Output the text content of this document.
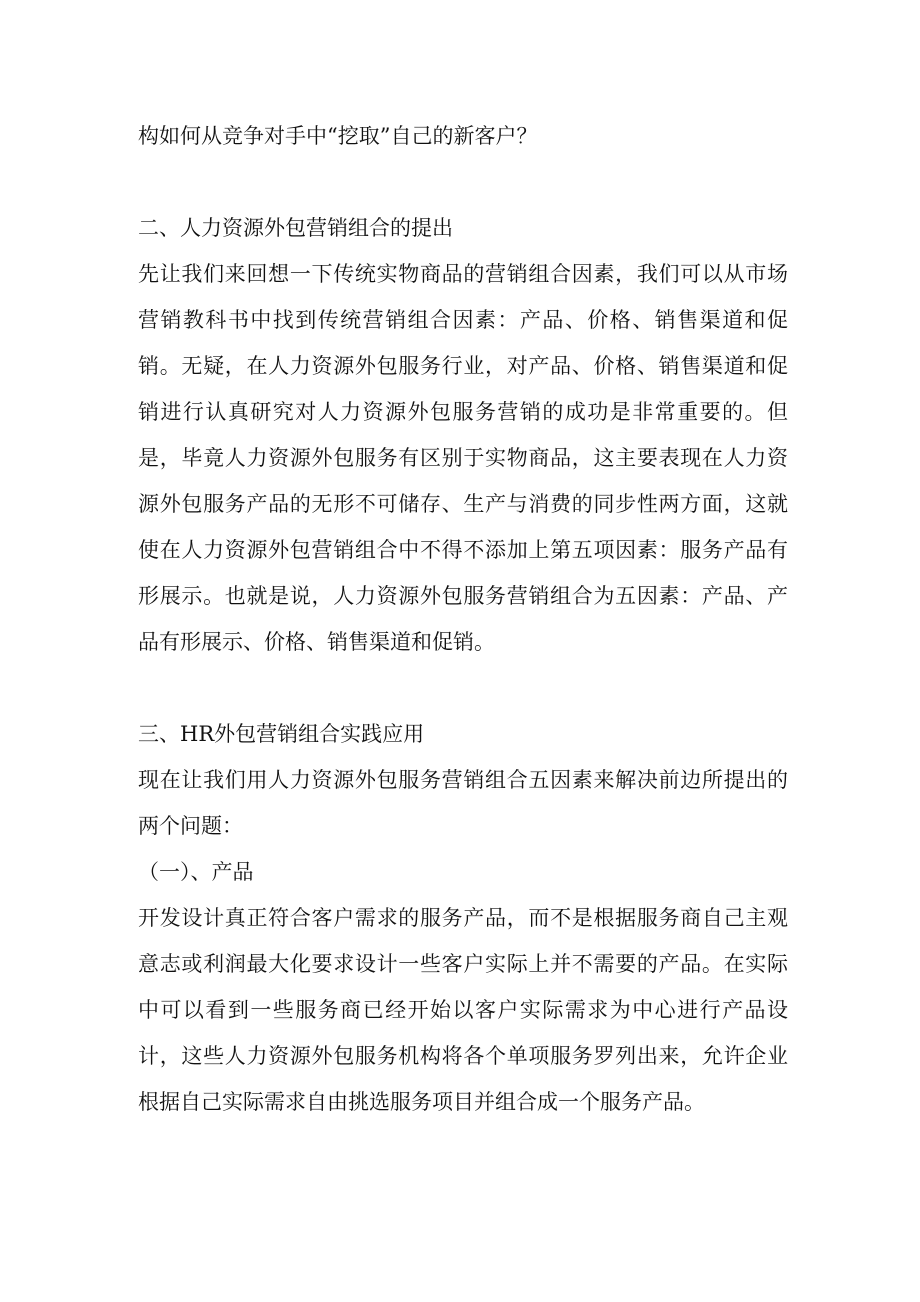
构如何从竞争对手中“挖取”自己的新客户？

二、人力资源外包营销组合的提出

先让我们来回想一下传统实物商品的营销组合因素，我们可以从市场营销教科书中找到传统营销组合因素：产品、价格、销售渠道和促销。无疑，在人力资源外包服务行业，对产品、价格、销售渠道和促销进行认真研究对人力资源外包服务营销的成功是非常重要的。但是，毕竟人力资源外包服务有区别于实物商品，这主要表现在人力资源外包服务产品的无形不可储存、生产与消费的同步性两方面，这就使在人力资源外包营销组合中不得不添加上第五项因素：服务产品有形展示。也就是说，人力资源外包服务营销组合为五因素：产品、产品有形展示、价格、销售渠道和促销。

三、HR外包营销组合实践应用

现在让我们用人力资源外包服务营销组合五因素来解决前边所提出的两个问题：

（一）、产品

开发设计真正符合客户需求的服务产品，而不是根据服务商自己主观意志或利润最大化要求设计一些客户实际上并不需要的产品。在实际中可以看到一些服务商已经开始以客户实际需求为中心进行产品设计，这些人力资源外包服务机构将各个单项服务罗列出来，允许企业根据自己实际需求自由挑选服务项目并组合成一个服务产品。
